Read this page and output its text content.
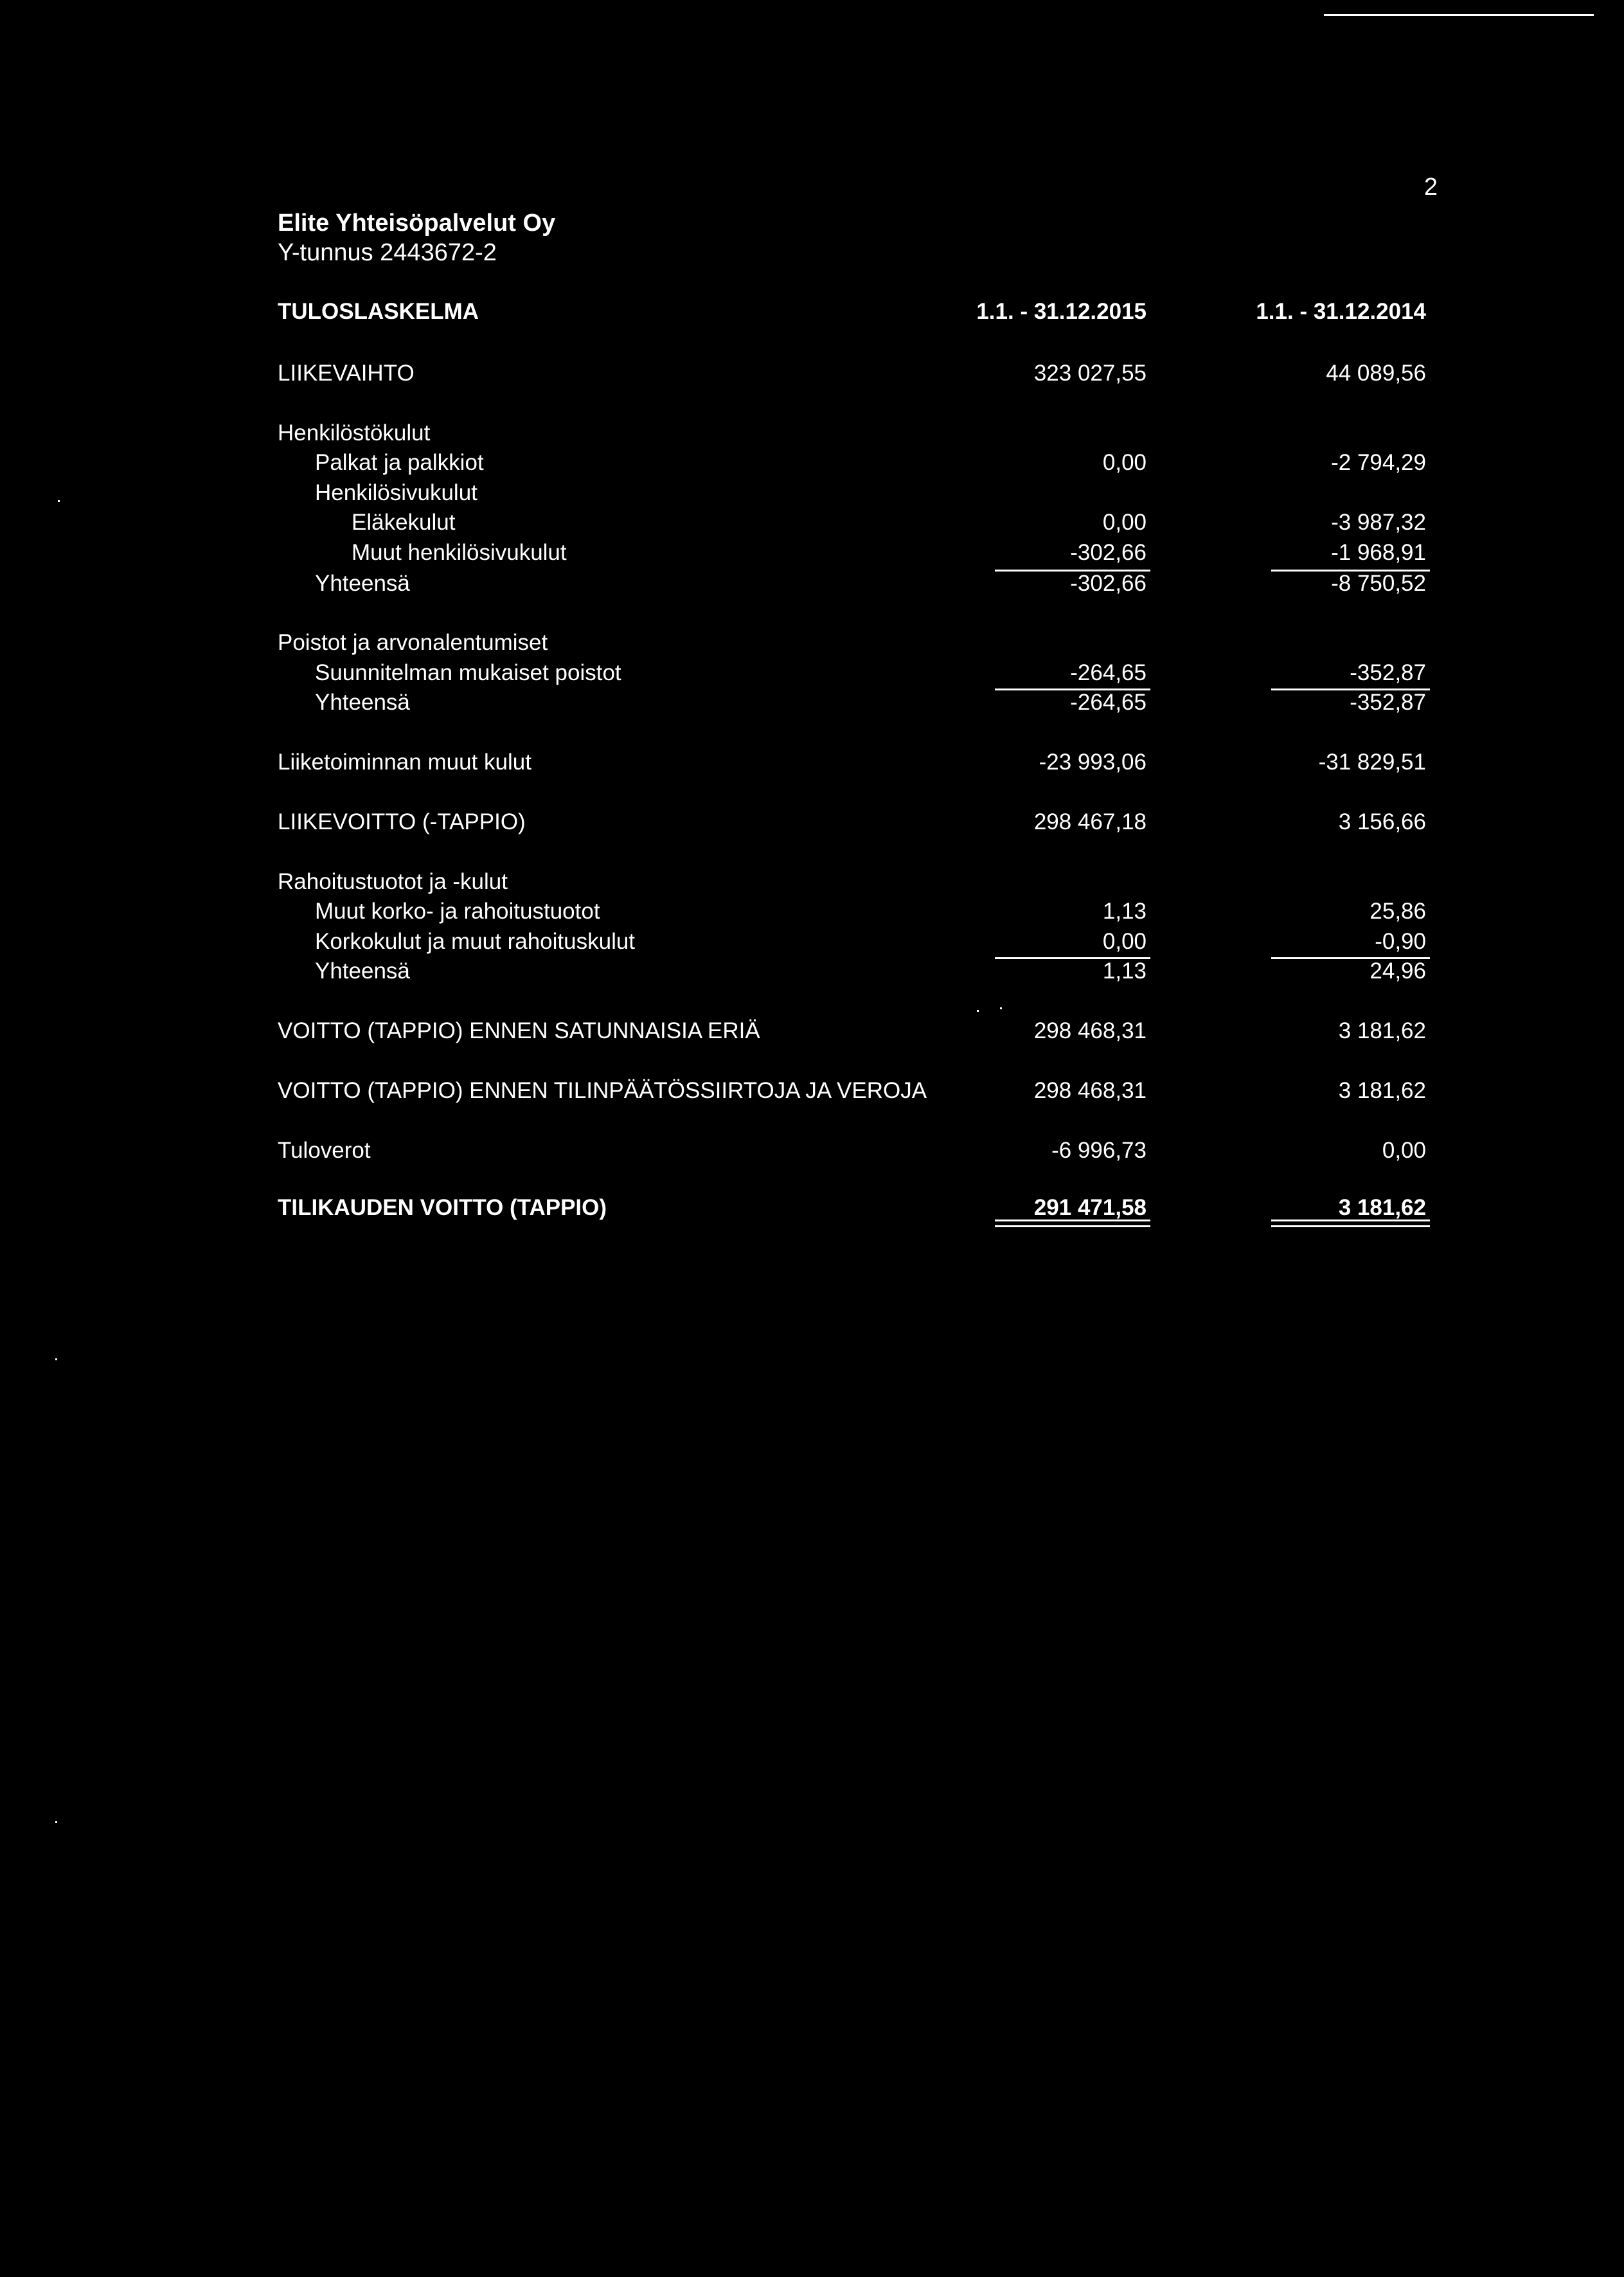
2
Elite Yhteisöpalvelut Oy
Y-tunnus 2443672-2
TULOSLASKELMA	1.1. - 31.12.2015	1.1. - 31.12.2014
LIIKEVAIHTO	323 027,55	44 089,56
Henkilöstökulut
Palkat ja palkkiot	0,00	-2 794,29
Henkilösivukulut
Eläkekulut	0,00	-3 987,32
Muut henkilösivukulut	-302,66	-1 968,91
Yhteensä	-302,66	-8 750,52
Poistot ja arvonalentumiset
Suunnitelman mukaiset poistot	-264,65	-352,87
Yhteensä	-264,65	-352,87
Liiketoiminnan muut kulut	-23 993,06	-31 829,51
LIIKEVOITTO (-TAPPIO)	298 467,18	3 156,66
Rahoitustuotot ja -kulut
Muut korko- ja rahoitustuotot	1,13	25,86
Korkokulut ja muut rahoituskulut	0,00	-0,90
Yhteensä	1,13	24,96
VOITTO (TAPPIO) ENNEN SATUNNAISIA ERIÄ	298 468,31	3 181,62
VOITTO (TAPPIO) ENNEN TILINPÄÄTÖSSIIRTOJA JA VEROJA	298 468,31	3 181,62
Tuloverot	-6 996,73	0,00
TILIKAUDEN VOITTO (TAPPIO)	291 471,58	3 181,62
